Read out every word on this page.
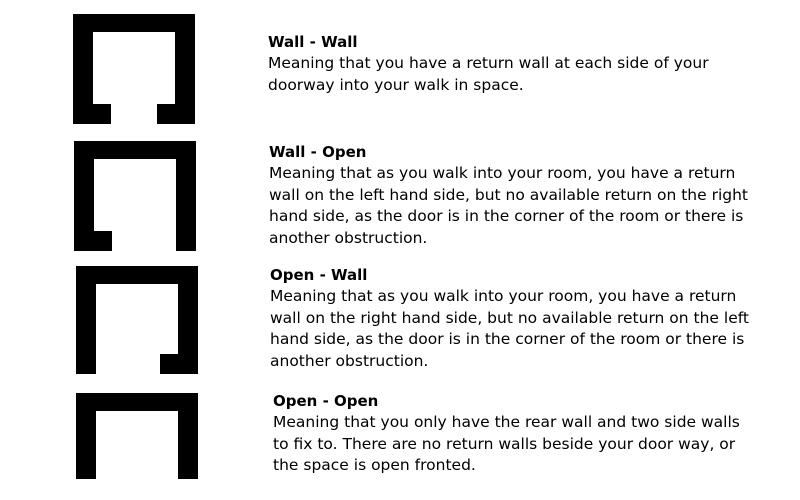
Wall - Wall
Meaning that you have a return wall at each side of your doorway into your walk in space.
Wall - Open
Meaning that as you walk into your room, you have a return wall on the left hand side, but no available return on the right hand side, as the door is in the corner of the room or there is another obstruction.
Open - Wall
Meaning that as you walk into your room, you have a return wall on the right hand side, but no available return on the left hand side, as the door is in the corner of the room or there is another obstruction.
Open - Open
Meaning that you only have the rear wall and two side walls to fix to. There are no return walls beside your door way, or the space is open fronted.
